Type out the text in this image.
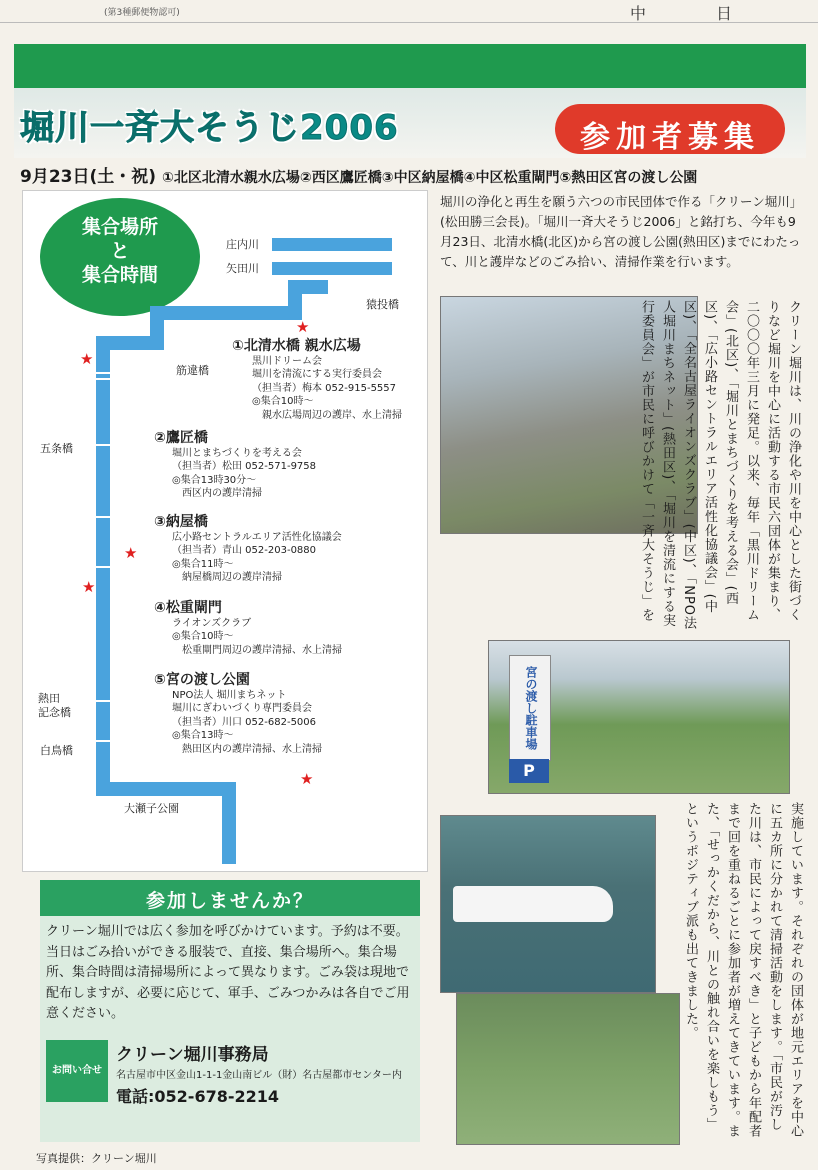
(第3種郵便物認可)	中日
堀川一斉大そうじ2006	参加者募集
9月23日(土・祝) ①北区北清水親水広場②西区鷹匠橋③中区納屋橋④中区松重閘門⑤熱田区宮の渡し公園
集合場所
と
集合時間
庄内川
矢田川
猿投橋
筋違橋
五条橋
熱田
記念橋
白鳥橋
大瀬子公園
★
★
★
★
★
①北清水橋 親水広場
黒川ドリーム会
堀川を清流にする実行委員会
（担当者）梅本 052-915-5557
◎集合10時～
　親水広場周辺の護岸、水上清掃
②鷹匠橋
堀川とまちづくりを考える会
（担当者）松田 052-571-9758
◎集合13時30分～
　西区内の護岸清掃
③納屋橋
広小路セントラルエリア活性化協議会
（担当者）青山 052-203-0880
◎集合11時～
　納屋橋周辺の護岸清掃
④松重閘門
ライオンズクラブ
◎集合10時～
　松重閘門周辺の護岸清掃、水上清掃
⑤宮の渡し公園
NPO法人 堀川まちネット
堀川にぎわいづくり専門委員会
（担当者）川口 052-682-5006
◎集合13時～
　熱田区内の護岸清掃、水上清掃
堀川の浄化と再生を願う六つの市民団体で作る「クリーン堀川」(松田勝三会長)。「堀川一斉大そうじ2006」と銘打ち、今年も9月23日、北清水橋(北区)から宮の渡し公園(熱田区)までにわたって、川と護岸などのごみ拾い、清掃作業を行います。
宮の渡し駐車場
P
クリーン堀川は、川の浄化や川を中心とした街づくりなど堀川を中心に活動する市民六団体が集まり、二〇〇〇年三月に発足。以来、毎年「黒川ドリーム会」(北区)、「堀川とまちづくりを考える会」(西区)、「広小路セントラルエリア活性化協議会」(中区)、「全名古屋ライオンズクラブ」(中区)、「NPO法人堀川まちネット」(熱田区)、「堀川を清流にする実行委員会」が市民に呼びかけて「一斉大そうじ」を
実施しています。それぞれの団体が地元エリアを中心に五カ所に分かれて清掃活動をします。「市民が汚した川は、市民によって戻すべき」と子どもから年配者まで回を重ねるごとに参加者が増えてきています。また、「せっかくだから、川との触れ合いを楽しもう」というポジティブ派も出てきました。
参加しませんか？
クリーン堀川では広く参加を呼びかけています。予約は不要。当日はごみ拾いができる服装で、直接、集合場所へ。集合場所、集合時間は清掃場所によって異なります。ごみ袋は現地で配布しますが、必要に応じて、軍手、ごみつかみは各自でご用意ください。
お問い合せ
クリーン堀川事務局
名古屋市中区金山1-1-1金山南ビル（財）名古屋都市センター内
電話:052-678-2214
写真提供：クリーン堀川
